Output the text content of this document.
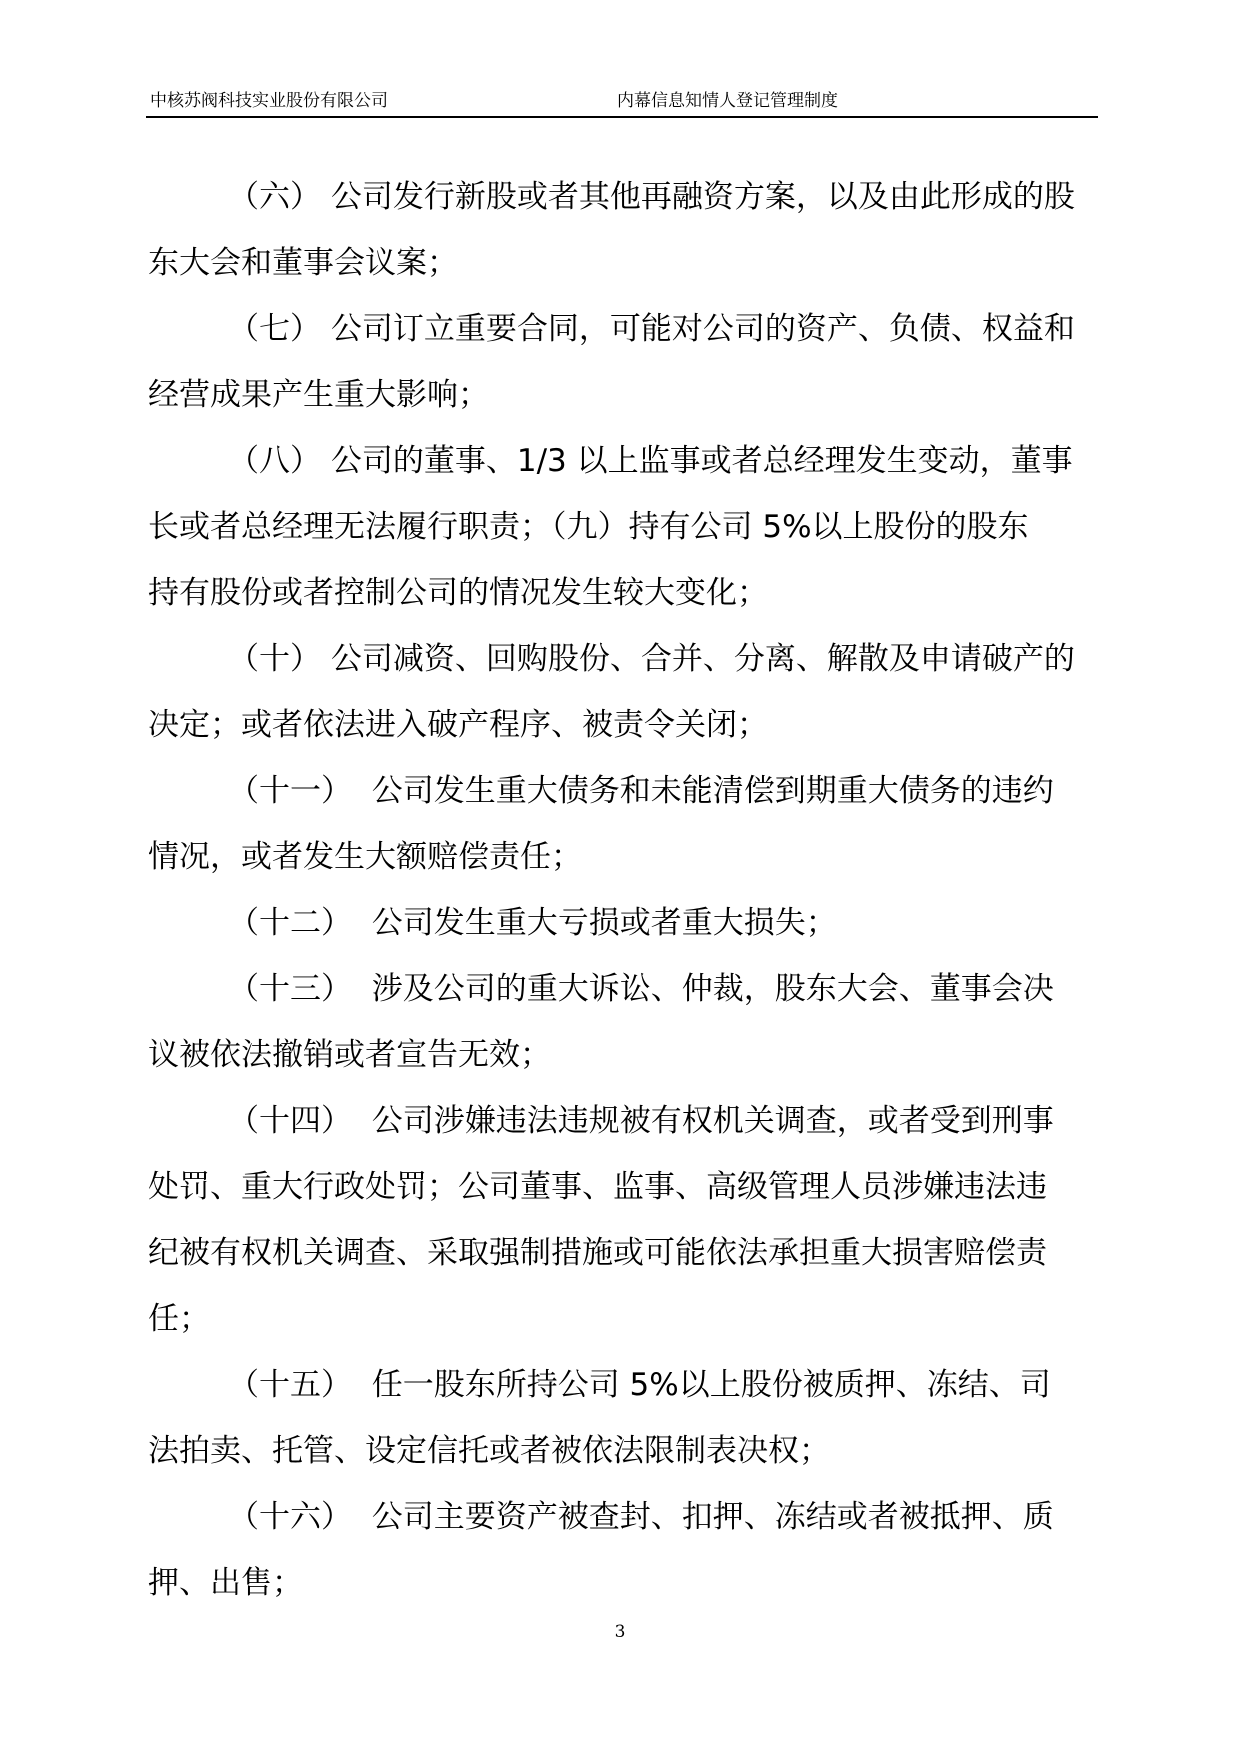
中核苏阀科技实业股份有限公司	内幕信息知情人登记管理制度

（六） 公司发行新股或者其他再融资方案，以及由此形成的股

东大会和董事会议案；

（七） 公司订立重要合同，可能对公司的资产、负债、权益和

经营成果产生重大影响；

（八） 公司的董事、1/3 以上监事或者总经理发生变动，董事

长或者总经理无法履行职责；（九）持有公司 5%以上股份的股东

持有股份或者控制公司的情况发生较大变化；

（十） 公司减资、回购股份、合并、分离、解散及申请破产的

决定；或者依法进入破产程序、被责令关闭；

（十一）  公司发生重大债务和未能清偿到期重大债务的违约

情况，或者发生大额赔偿责任；

（十二）  公司发生重大亏损或者重大损失；

（十三）  涉及公司的重大诉讼、仲裁，股东大会、董事会决

议被依法撤销或者宣告无效；

（十四）  公司涉嫌违法违规被有权机关调查，或者受到刑事

处罚、重大行政处罚；公司董事、监事、高级管理人员涉嫌违法违

纪被有权机关调查、采取强制措施或可能依法承担重大损害赔偿责

任；

（十五）  任一股东所持公司 5%以上股份被质押、冻结、司

法拍卖、托管、设定信托或者被依法限制表决权；

（十六）  公司主要资产被查封、扣押、冻结或者被抵押、质

押、出售；

3
